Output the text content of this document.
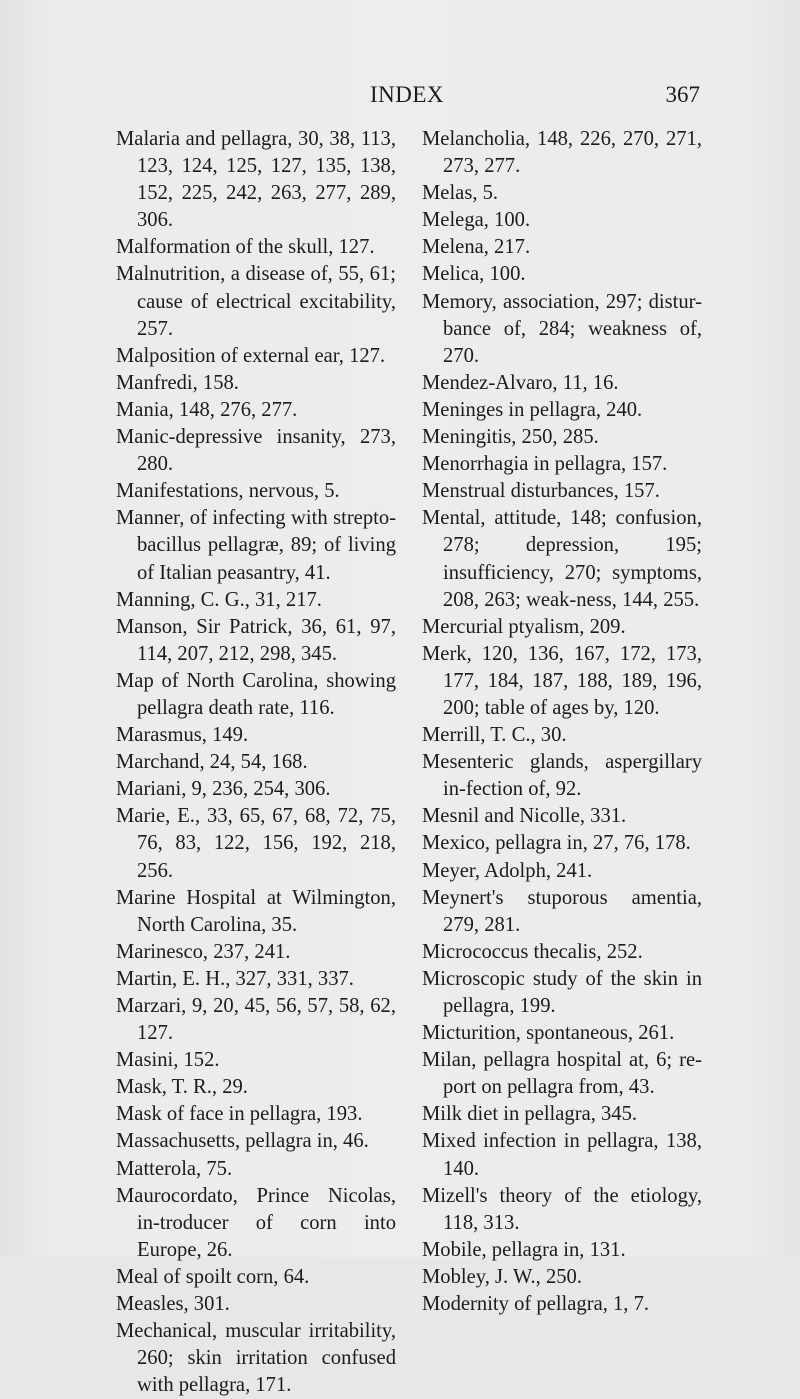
INDEX	367

Malaria and pellagra, 30, 38, 113, 123, 124, 125, 127, 135, 138, 152, 225, 242, 263, 277, 289, 306.

Malformation of the skull, 127.

Malnutrition, a disease of, 55, 61; cause of electrical excitability, 257.

Malposition of external ear, 127.

Manfredi, 158.

Mania, 148, 276, 277.

Manic-depressive insanity, 273, 280.

Manifestations, nervous, 5.

Manner, of infecting with strepto-bacillus pellagræ, 89; of living of Italian peasantry, 41.

Manning, C. G., 31, 217.

Manson, Sir Patrick, 36, 61, 97, 114, 207, 212, 298, 345.

Map of North Carolina, showing pellagra death rate, 116.

Marasmus, 149.

Marchand, 24, 54, 168.

Mariani, 9, 236, 254, 306.

Marie, E., 33, 65, 67, 68, 72, 75, 76, 83, 122, 156, 192, 218, 256.

Marine Hospital at Wilmington, North Carolina, 35.

Marinesco, 237, 241.

Martin, E. H., 327, 331, 337.

Marzari, 9, 20, 45, 56, 57, 58, 62, 127.

Masini, 152.

Mask, T. R., 29.

Mask of face in pellagra, 193.

Massachusetts, pellagra in, 46.

Matterola, 75.

Maurocordato, Prince Nicolas, in-troducer of corn into Europe, 26.

Meal of spoilt corn, 64.

Measles, 301.

Mechanical, muscular irritability, 260; skin irritation confused with pellagra, 171.

Melancholia, 148, 226, 270, 271, 273, 277.

Melas, 5.

Melega, 100.

Melena, 217.

Melica, 100.

Memory, association, 297; distur-bance of, 284; weakness of, 270.

Mendez-Alvaro, 11, 16.

Meninges in pellagra, 240.

Meningitis, 250, 285.

Menorrhagia in pellagra, 157.

Menstrual disturbances, 157.

Mental, attitude, 148; confusion, 278; depression, 195; insufficiency, 270; symptoms, 208, 263; weak-ness, 144, 255.

Mercurial ptyalism, 209.

Merk, 120, 136, 167, 172, 173, 177, 184, 187, 188, 189, 196, 200; table of ages by, 120.

Merrill, T. C., 30.

Mesenteric glands, aspergillary in-fection of, 92.

Mesnil and Nicolle, 331.

Mexico, pellagra in, 27, 76, 178.

Meyer, Adolph, 241.

Meynert's stuporous amentia, 279, 281.

Micrococcus thecalis, 252.

Microscopic study of the skin in pellagra, 199.

Micturition, spontaneous, 261.

Milan, pellagra hospital at, 6; re-port on pellagra from, 43.

Milk diet in pellagra, 345.

Mixed infection in pellagra, 138, 140.

Mizell's theory of the etiology, 118, 313.

Mobile, pellagra in, 131.

Mobley, J. W., 250.

Modernity of pellagra, 1, 7.
